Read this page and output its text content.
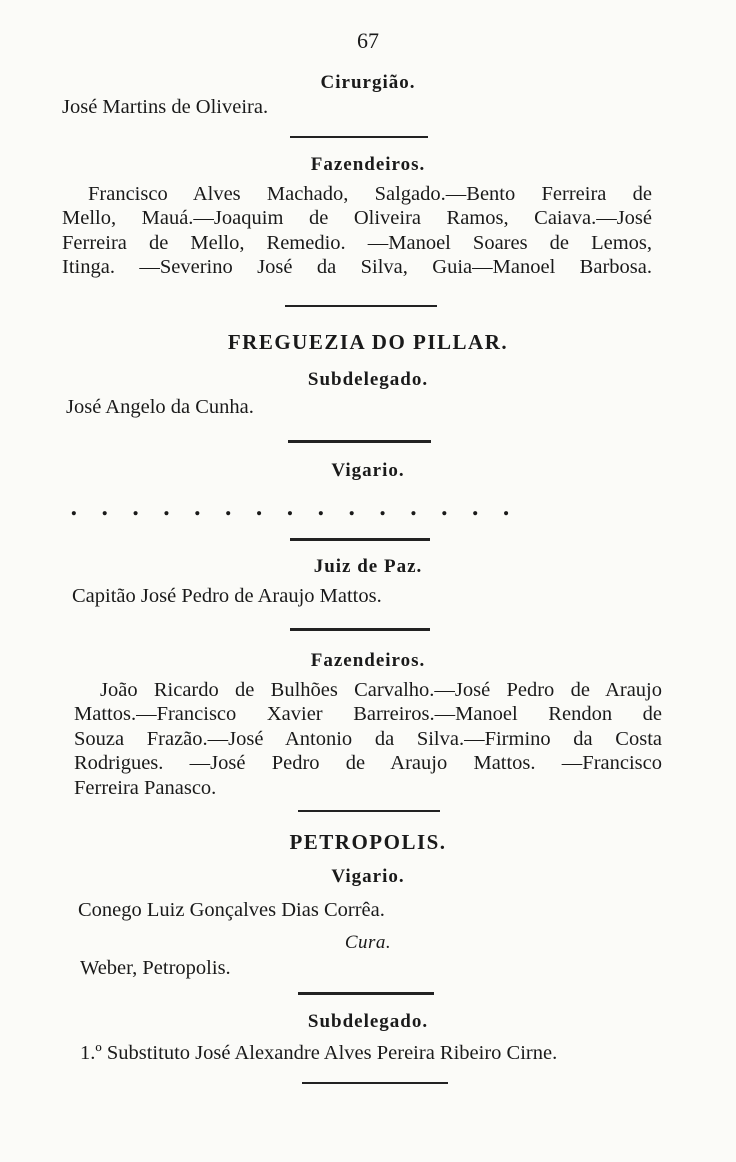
67
Cirurgião.
José Martins de Oliveira.
Fazendeiros.
Francisco Alves Machado, Salgado.—Bento Ferreira de
Mello, Mauá.—Joaquim de Oliveira Ramos, Caiava.—José
Ferreira de Mello, Remedio. —Manoel Soares de Lemos,
Itinga. —Severino José da Silva, Guia—Manoel Barbosa.
FREGUEZIA DO PILLAR.
Subdelegado.
José Angelo da Cunha.
Vigario.
. . . . . . . . . . . . . . .
Juiz de Paz.
Capitão José Pedro de Araujo Mattos.
Fazendeiros.
João Ricardo de Bulhões Carvalho.—José Pedro de Araujo
Mattos.—Francisco Xavier Barreiros.—Manoel Rendon de
Souza Frazão.—José Antonio da Silva.—Firmino da Costa
Rodrigues. —José Pedro de Araujo Mattos. —Francisco
Ferreira Panasco.
PETROPOLIS.
Vigario.
Conego Luiz Gonçalves Dias Corrêa.
Cura.
Weber, Petropolis.
Subdelegado.
1.º Substituto José Alexandre Alves Pereira Ribeiro Cirne.
